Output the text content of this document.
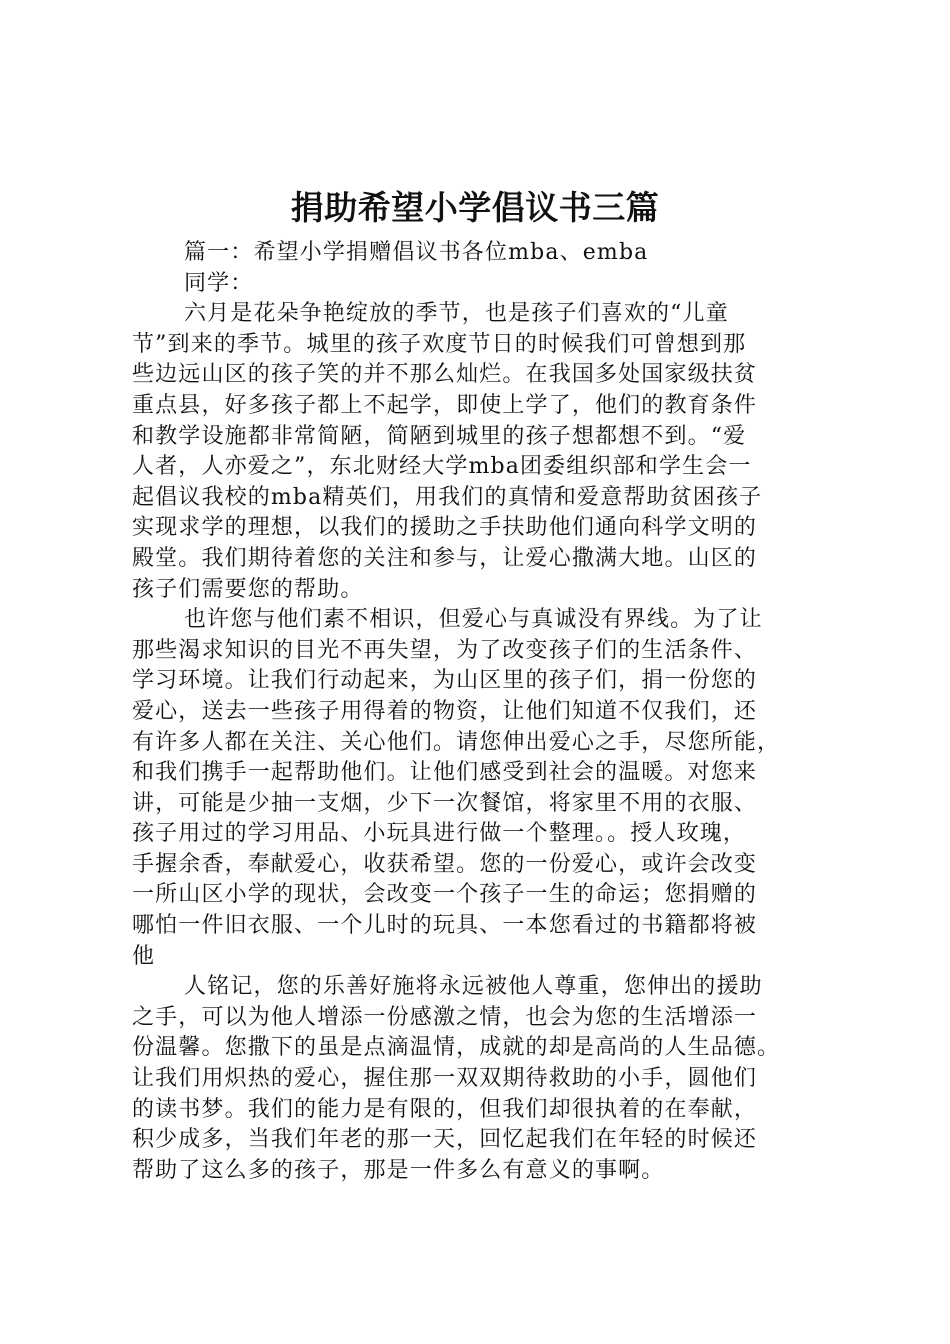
捐助希望小学倡议书三篇
篇一：希望小学捐赠倡议书各位mba、emba
同学：
六月是花朵争艳绽放的季节，也是孩子们喜欢的“儿童
节”到来的季节。城里的孩子欢度节日的时候我们可曾想到那
些边远山区的孩子笑的并不那么灿烂。在我国多处国家级扶贫
重点县，好多孩子都上不起学，即使上学了，他们的教育条件
和教学设施都非常简陋，简陋到城里的孩子想都想不到。“爱
人者，人亦爱之”，东北财经大学mba团委组织部和学生会一
起倡议我校的mba精英们，用我们的真情和爱意帮助贫困孩子
实现求学的理想，以我们的援助之手扶助他们通向科学文明的
殿堂。我们期待着您的关注和参与，让爱心撒满大地。山区的
孩子们需要您的帮助。
也许您与他们素不相识，但爱心与真诚没有界线。为了让
那些渴求知识的目光不再失望，为了改变孩子们的生活条件、
学习环境。让我们行动起来，为山区里的孩子们，捐一份您的
爱心，送去一些孩子用得着的物资，让他们知道不仅我们，还
有许多人都在关注、关心他们。请您伸出爱心之手，尽您所能，
和我们携手一起帮助他们。让他们感受到社会的温暖。对您来
讲，可能是少抽一支烟，少下一次餐馆，将家里不用的衣服、
孩子用过的学习用品、小玩具进行做一个整理。。授人玫瑰，
手握余香，奉献爱心，收获希望。您的一份爱心，或许会改变
一所山区小学的现状，会改变一个孩子一生的命运；您捐赠的
哪怕一件旧衣服、一个儿时的玩具、一本您看过的书籍都将被
他
人铭记，您的乐善好施将永远被他人尊重，您伸出的援助
之手，可以为他人增添一份感激之情，也会为您的生活增添一
份温馨。您撒下的虽是点滴温情，成就的却是高尚的人生品德。
让我们用炽热的爱心，握住那一双双期待救助的小手，圆他们
的读书梦。我们的能力是有限的，但我们却很执着的在奉献，
积少成多，当我们年老的那一天，回忆起我们在年轻的时候还
帮助了这么多的孩子，那是一件多么有意义的事啊。
